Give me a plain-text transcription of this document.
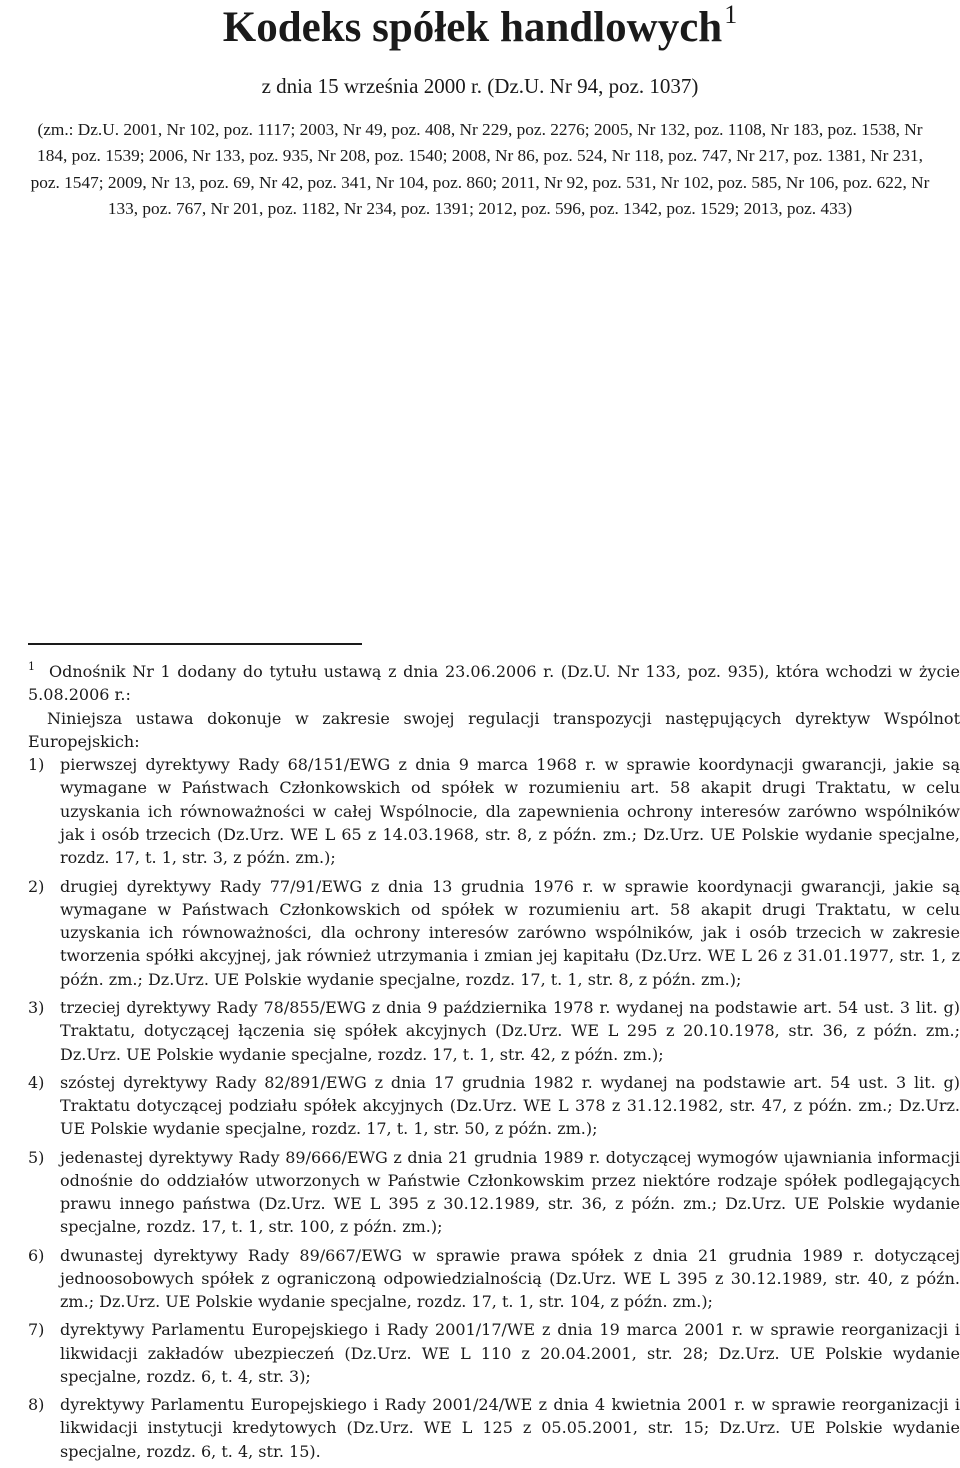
Kodeks spółek handlowych$^1$

z dnia 15 września 2000 r. (Dz.U. Nr 94, poz. 1037)

(zm.: Dz.U. 2001, Nr 102, poz. 1117; 2003, Nr 49, poz. 408, Nr 229, poz. 2276; 2005, Nr 132, poz. 1108, Nr 183, poz. 1538, Nr 184, poz. 1539; 2006, Nr 133, poz. 935, Nr 208, poz. 1540; 2008, Nr 86, poz. 524, Nr 118, poz. 747, Nr 217, poz. 1381, Nr 231, poz. 1547; 2009, Nr 13, poz. 69, Nr 42, poz. 341, Nr 104, poz. 860; 2011, Nr 92, poz. 531, Nr 102, poz. 585, Nr 106, poz. 622, Nr 133, poz. 767, Nr 201, poz. 1182, Nr 234, poz. 1391; 2012, poz. 596, poz. 1342, poz. 1529; 2013, poz. 433)

$^1$ Odnośnik Nr 1 dodany do tytułu ustawą z dnia 23.06.2006 r. (Dz.U. Nr 133, poz. 935), która wchodzi w życie 5.08.2006 r.:

Niniejsza ustawa dokonuje w zakresie swojej regulacji transpozycji następujących dyrektyw Wspólnot Europejskich:

1) pierwszej dyrektywy Rady 68/151/EWG z dnia 9 marca 1968 r. w sprawie koordynacji gwarancji, jakie są wymagane w Państwach Członkowskich od spółek w rozumieniu art. 58 akapit drugi Traktatu, w celu uzyskania ich równoważności w całej Wspólnocie, dla zapewnienia ochrony interesów zarówno wspólników jak i osób trzecich (Dz.Urz. WE L 65 z 14.03.1968, str. 8, z późn. zm.; Dz.Urz. UE Polskie wydanie specjalne, rozdz. 17, t. 1, str. 3, z późn. zm.);
2) drugiej dyrektywy Rady 77/91/EWG z dnia 13 grudnia 1976 r. w sprawie koordynacji gwarancji, jakie są wymagane w Państwach Członkowskich od spółek w rozumieniu art. 58 akapit drugi Traktatu, w celu uzyskania ich równoważności, dla ochrony interesów zarówno wspólników, jak i osób trzecich w zakresie tworzenia spółki akcyjnej, jak również utrzymania i zmian jej kapitału (Dz.Urz. WE L 26 z 31.01.1977, str. 1, z późn. zm.; Dz.Urz. UE Polskie wydanie specjalne, rozdz. 17, t. 1, str. 8, z późn. zm.);
3) trzeciej dyrektywy Rady 78/855/EWG z dnia 9 października 1978 r. wydanej na podstawie art. 54 ust. 3 lit. g) Traktatu, dotyczącej łączenia się spółek akcyjnych (Dz.Urz. WE L 295 z 20.10.1978, str. 36, z późn. zm.; Dz.Urz. UE Polskie wydanie specjalne, rozdz. 17, t. 1, str. 42, z późn. zm.);
4) szóstej dyrektywy Rady 82/891/EWG z dnia 17 grudnia 1982 r. wydanej na podstawie art. 54 ust. 3 lit. g) Traktatu dotyczącej podziału spółek akcyjnych (Dz.Urz. WE L 378 z 31.12.1982, str. 47, z późn. zm.; Dz.Urz. UE Polskie wydanie specjalne, rozdz. 17, t. 1, str. 50, z późn. zm.);
5) jedenastej dyrektywy Rady 89/666/EWG z dnia 21 grudnia 1989 r. dotyczącej wymogów ujawniania informacji odnośnie do oddziałów utworzonych w Państwie Członkowskim przez niektóre rodzaje spółek podlegających prawu innego państwa (Dz.Urz. WE L 395 z 30.12.1989, str. 36, z późn. zm.; Dz.Urz. UE Polskie wydanie specjalne, rozdz. 17, t. 1, str. 100, z późn. zm.);
6) dwunastej dyrektywy Rady 89/667/EWG w sprawie prawa spółek z dnia 21 grudnia 1989 r. dotyczącej jednoosobowych spółek z ograniczoną odpowiedzialnością (Dz.Urz. WE L 395 z 30.12.1989, str. 40, z późn. zm.; Dz.Urz. UE Polskie wydanie specjalne, rozdz. 17, t. 1, str. 104, z późn. zm.);
7) dyrektywy Parlamentu Europejskiego i Rady 2001/17/WE z dnia 19 marca 2001 r. w sprawie reorganizacji i likwidacji zakładów ubezpieczeń (Dz.Urz. WE L 110 z 20.04.2001, str. 28; Dz.Urz. UE Polskie wydanie specjalne, rozdz. 6, t. 4, str. 3);
8) dyrektywy Parlamentu Europejskiego i Rady 2001/24/WE z dnia 4 kwietnia 2001 r. w sprawie reorganizacji i likwidacji instytucji kredytowych (Dz.Urz. WE L 125 z 05.05.2001, str. 15; Dz.Urz. UE Polskie wydanie specjalne, rozdz. 6, t. 4, str. 15).
